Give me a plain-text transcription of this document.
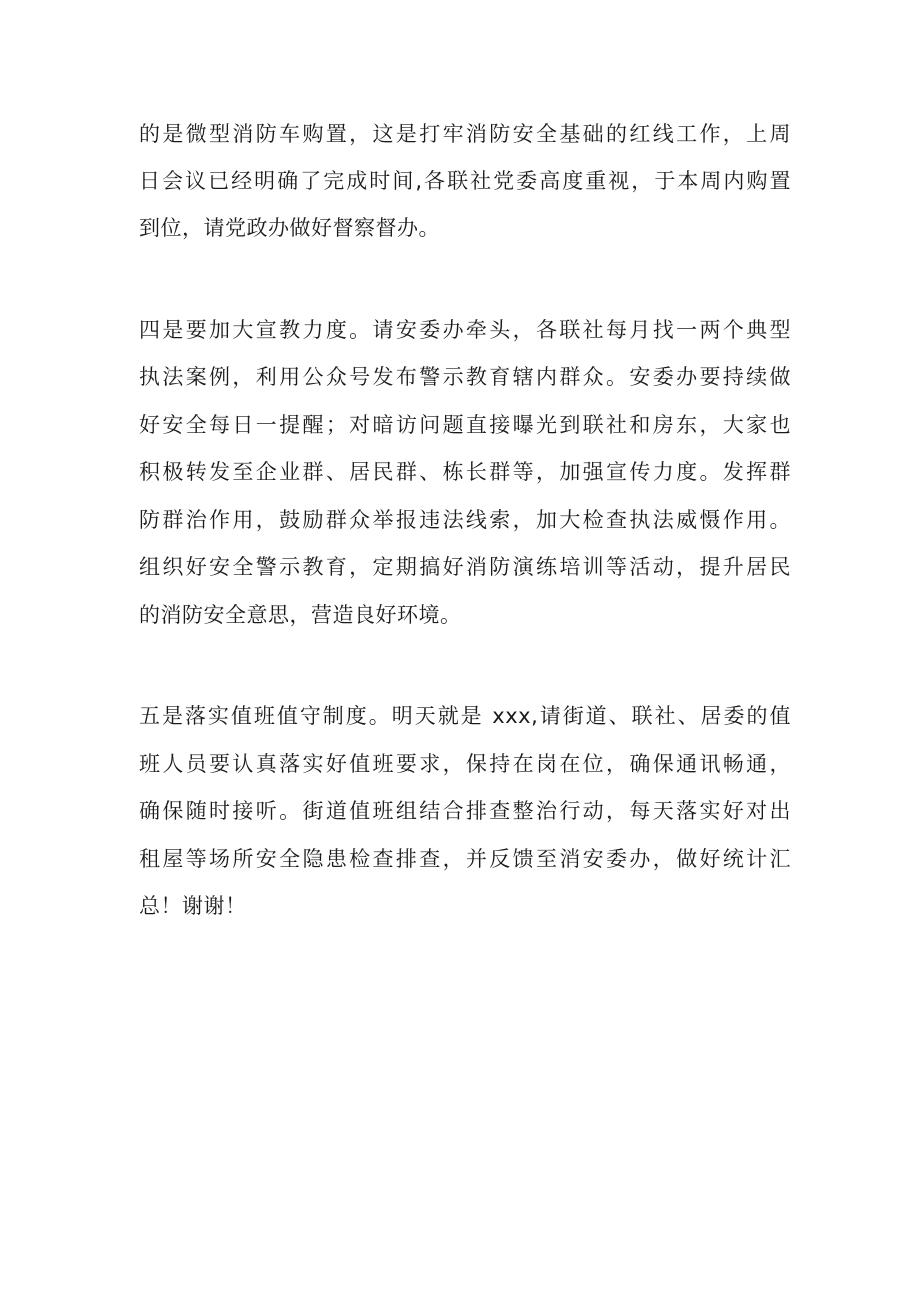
的是微型消防车购置，这是打牢消防安全基础的红线工作，上周
日会议已经明确了完成时间,各联社党委高度重视，于本周内购置
到位，请党政办做好督察督办。
四是要加大宣教力度。请安委办牵头，各联社每月找一两个典型
执法案例，利用公众号发布警示教育辖内群众。安委办要持续做
好安全每日一提醒；对暗访问题直接曝光到联社和房东，大家也
积极转发至企业群、居民群、栋长群等，加强宣传力度。发挥群
防群治作用，鼓励群众举报违法线索，加大检查执法威慑作用。
组织好安全警示教育，定期搞好消防演练培训等活动，提升居民
的消防安全意思，营造良好环境。
五是落实值班值守制度。明天就是 xxx,请街道、联社、居委的值
班人员要认真落实好值班要求，保持在岗在位，确保通讯畅通，
确保随时接听。街道值班组结合排查整治行动，每天落实好对出
租屋等场所安全隐患检查排查，并反馈至消安委办，做好统计汇
总！谢谢！
